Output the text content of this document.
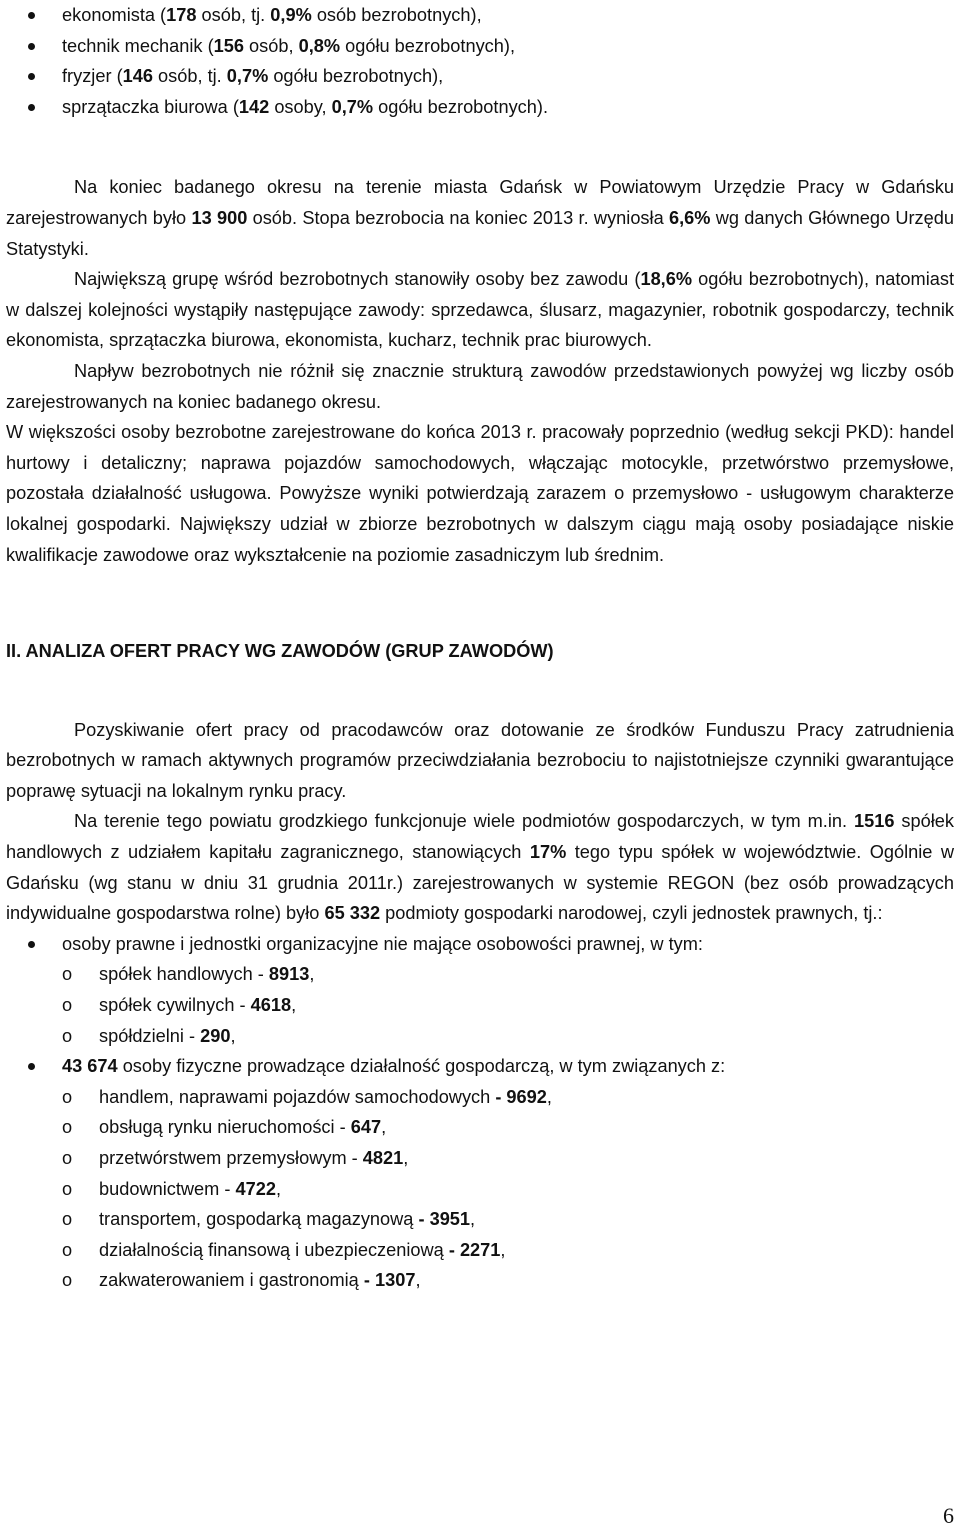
ekonomista (178 osób, tj. 0,9% osób bezrobotnych),
technik mechanik (156 osób, 0,8% ogółu bezrobotnych),
fryzjer (146 osób, tj. 0,7% ogółu bezrobotnych),
sprzątaczka biurowa (142 osoby, 0,7% ogółu bezrobotnych).

Na koniec badanego okresu na terenie miasta Gdańsk w Powiatowym Urzędzie Pracy w Gdańsku zarejestrowanych było 13 900 osób. Stopa bezrobocia na koniec 2013 r. wyniosła 6,6% wg danych Głównego Urzędu Statystyki.

Największą grupę wśród bezrobotnych stanowiły osoby bez zawodu (18,6% ogółu bezrobotnych), natomiast w dalszej kolejności wystąpiły następujące zawody: sprzedawca, ślusarz, magazynier, robotnik gospodarczy, technik ekonomista, sprzątaczka biurowa, ekonomista, kucharz, technik prac biurowych.

Napływ bezrobotnych nie różnił się znacznie strukturą zawodów przedstawionych powyżej wg liczby osób zarejestrowanych na koniec badanego okresu.

W większości osoby bezrobotne zarejestrowane do końca 2013 r. pracowały poprzednio (według sekcji PKD): handel hurtowy i detaliczny; naprawa pojazdów samochodowych, włączając motocykle, przetwórstwo przemysłowe, pozostała działalność usługowa. Powyższe wyniki potwierdzają zarazem o przemysłowo - usługowym charakterze lokalnej gospodarki. Największy udział w zbiorze bezrobotnych w dalszym ciągu mają osoby posiadające niskie kwalifikacje zawodowe oraz wykształcenie na poziomie zasadniczym lub średnim.

II. ANALIZA OFERT PRACY WG ZAWODÓW (GRUP ZAWODÓW)

Pozyskiwanie ofert pracy od pracodawców oraz dotowanie ze środków Funduszu Pracy zatrudnienia bezrobotnych w ramach aktywnych programów przeciwdziałania bezrobociu to najistotniejsze czynniki gwarantujące poprawę sytuacji na lokalnym rynku pracy.

Na terenie tego powiatu grodzkiego funkcjonuje wiele podmiotów gospodarczych, w tym m.in. 1516 spółek handlowych z udziałem kapitału zagranicznego, stanowiących 17% tego typu spółek w województwie. Ogólnie w Gdańsku (wg stanu w dniu 31 grudnia 2011r.) zarejestrowanych w systemie REGON (bez osób prowadzących indywidualne gospodarstwa rolne) było 65 332 podmioty gospodarki narodowej, czyli jednostek prawnych, tj.:

osoby prawne i jednostki organizacyjne nie mające osobowości prawnej, w tym:
o spółek handlowych - 8913,
o spółek cywilnych - 4618,
o spółdzielni - 290,
43 674 osoby fizyczne prowadzące działalność gospodarczą, w tym związanych z:
o handlem, naprawami pojazdów samochodowych - 9692,
o obsługą rynku nieruchomości - 647,
o przetwórstwem przemysłowym - 4821,
o budownictwem - 4722,
o transportem, gospodarką magazynową - 3951,
o działalnością finansową i ubezpieczeniową - 2271,
o zakwaterowaniem i gastronomią - 1307,
6
